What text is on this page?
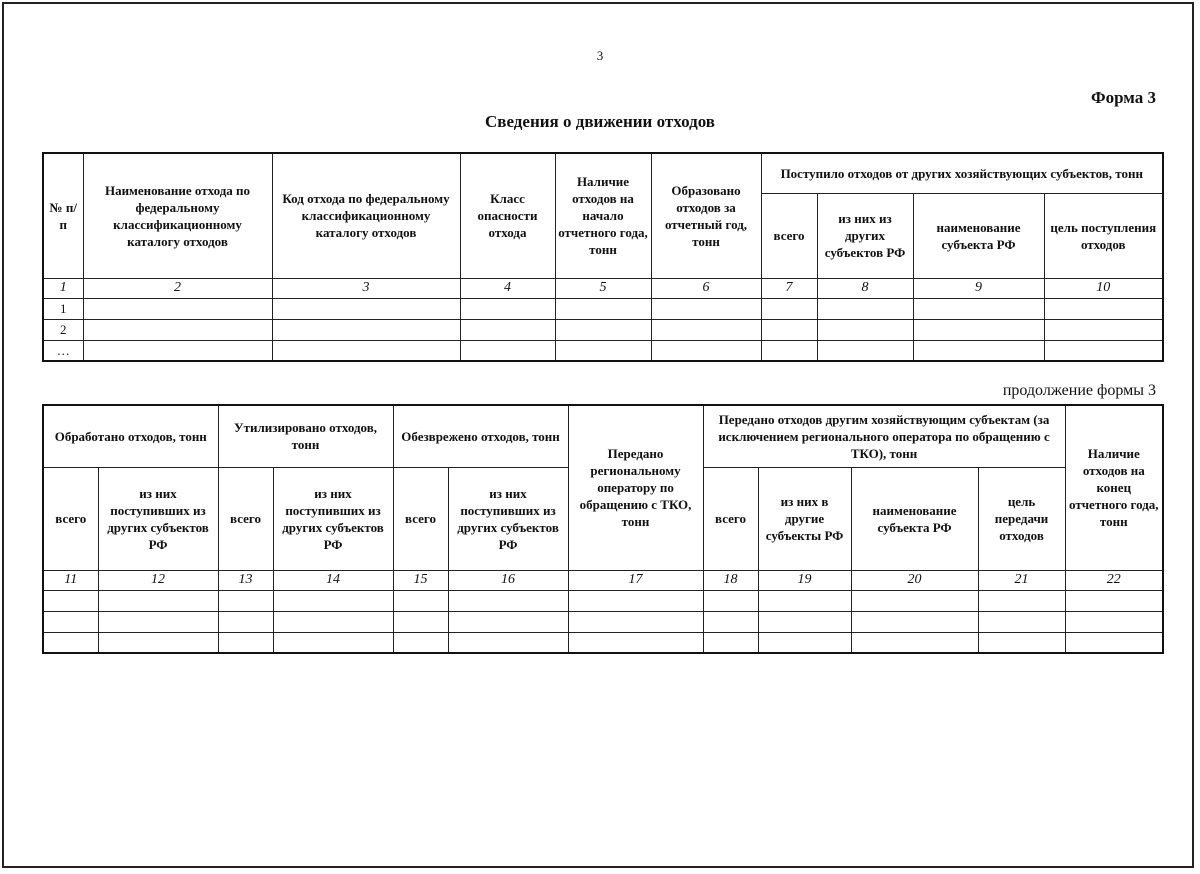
3
Форма 3
Сведения о движении отходов
№ п/п	Наименование отхода по федеральному классификационному каталогу отходов	Код отхода по федеральному классификационному каталогу отходов	Класс опасности отхода	Наличие отходов на начало отчетного года, тонн	Образовано отходов за отчетный год, тонн	Поступило отходов от других хозяйствующих субъектов, тонн			
						всего	из них из других субъектов РФ	наименование субъекта РФ	цель поступления отходов
1	2	3	4	5	6	7	8	9	10
1									
2									
…									
продолжение формы 3
Обработано отходов, тонн		Утилизировано отходов, тонн		Обезврежено отходов, тонн		Передано региональному оператору по обращению с ТКО, тонн	Передано отходов другим хозяйствующим субъектам (за исключением регионального оператора по обращению с ТКО), тонн				Наличие отходов на конец отчетного года, тонн
всего	из них поступивших из других субъектов РФ	всего	из них поступивших из других субъектов РФ	всего	из них поступивших из других субъектов РФ		всего	из них в другие субъекты РФ	наименование субъекта РФ	цель передачи отходов	
11	12	13	14	15	16	17	18	19	20	21	22
